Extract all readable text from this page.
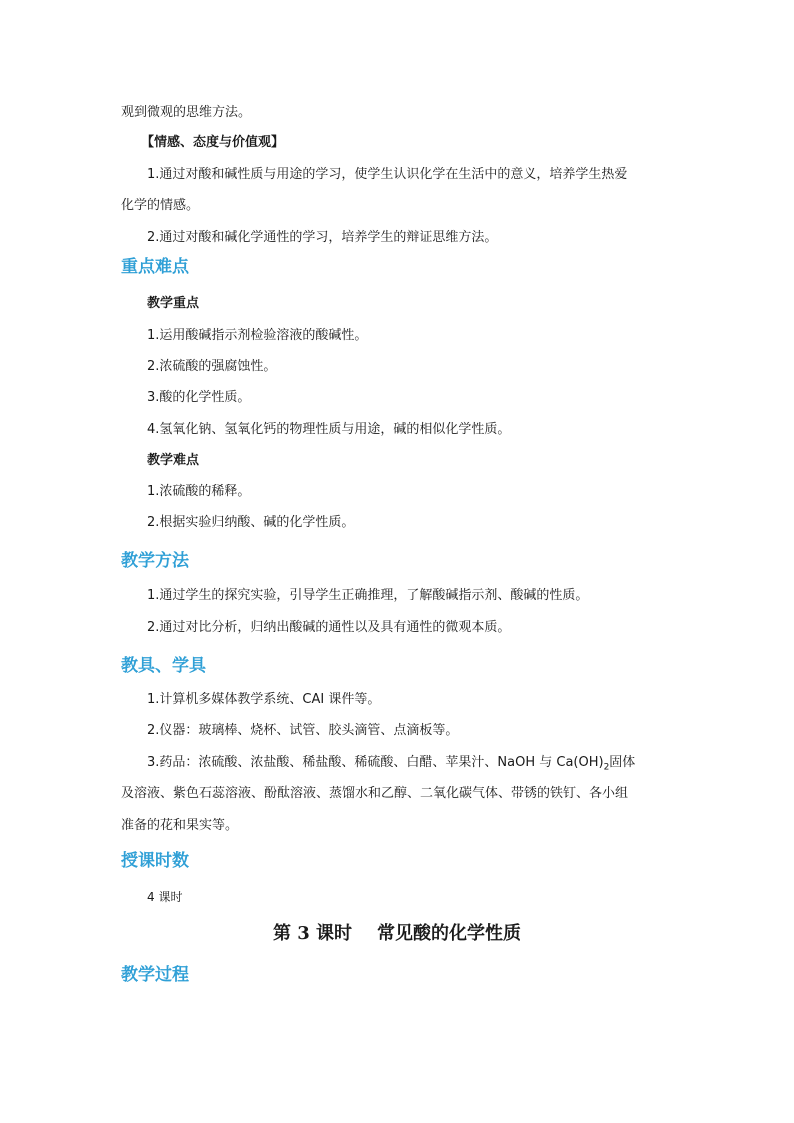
观到微观的思维方法。

【情感、态度与价值观】

1.通过对酸和碱性质与用途的学习，使学生认识化学在生活中的意义，培养学生热爱

化学的情感。

2.通过对酸和碱化学通性的学习，培养学生的辩证思维方法。

重点难点

教学重点

1.运用酸碱指示剂检验溶液的酸碱性。

2.浓硫酸的强腐蚀性。

3.酸的化学性质。

4.氢氧化钠、氢氧化钙的物理性质与用途，碱的相似化学性质。

教学难点

1.浓硫酸的稀释。

2.根据实验归纳酸、碱的化学性质。

教学方法

1.通过学生的探究实验，引导学生正确推理，了解酸碱指示剂、酸碱的性质。

2.通过对比分析，归纳出酸碱的通性以及具有通性的微观本质。

教具、学具

1.计算机多媒体教学系统、CAI 课件等。

2.仪器：玻璃棒、烧杯、试管、胶头滴管、点滴板等。

3.药品：浓硫酸、浓盐酸、稀盐酸、稀硫酸、白醋、苹果汁、NaOH 与 $Ca(OH)_2$固体

及溶液、紫色石蕊溶液、酚酞溶液、蒸馏水和乙醇、二氧化碳气体、带锈的铁钉、各小组

准备的花和果实等。

授课时数

4 课时

第 3 课时    常见酸的化学性质
教学过程
